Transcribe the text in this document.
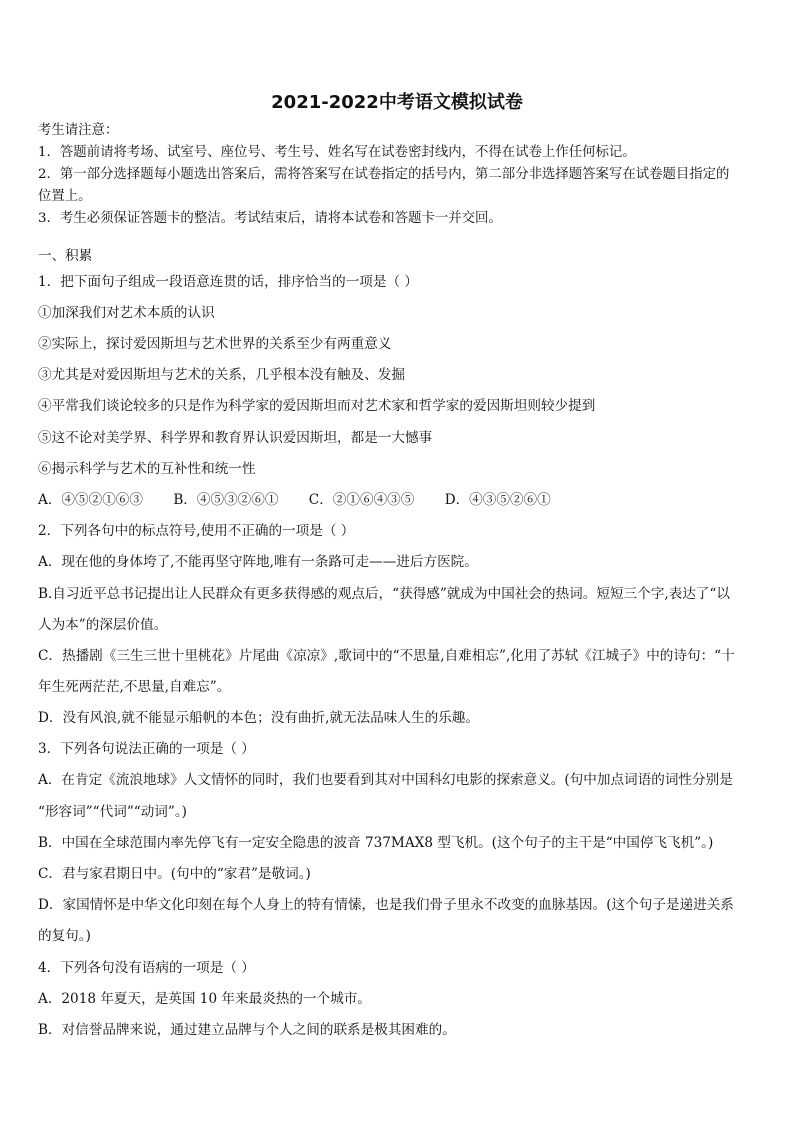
2021-2022中考语文模拟试卷
考生请注意：
1．答题前请将考场、试室号、座位号、考生号、姓名写在试卷密封线内，不得在试卷上作任何标记。
2．第一部分选择题每小题选出答案后，需将答案写在试卷指定的括号内，第二部分非选择题答案写在试卷题目指定的
位置上。
3．考生必须保证答题卡的整洁。考试结束后，请将本试卷和答题卡一并交回。
一、积累
1．把下面句子组成一段语意连贯的话，排序恰当的一项是（ ）
①加深我们对艺术本质的认识
②实际上，探讨爱因斯坦与艺术世界的关系至少有两重意义
③尤其是对爱因斯坦与艺术的关系，几乎根本没有触及、发掘
④平常我们谈论较多的只是作为科学家的爱因斯坦而对艺术家和哲学家的爱因斯坦则较少提到
⑤这不论对美学界、科学界和教育界认识爱因斯坦，都是一大憾事
⑥揭示科学与艺术的互补性和统一性
A．④⑤②①⑥③ B．④⑤③②⑥① C．②①⑥④③⑤ D．④③⑤②⑥①
2．下列各句中的标点符号,使用不正确的一项是（ ）
A．现在他的身体垮了,不能再坚守阵地,唯有一条路可走——进后方医院。
B.自习近平总书记提出让人民群众有更多获得感的观点后，“获得感”就成为中国社会的热词。短短三个字,表达了“以
人为本”的深层价值。
C．热播剧《三生三世十里桃花》片尾曲《凉凉》,歌词中的“不思量,自难相忘”,化用了苏轼《江城子》中的诗句：“十
年生死两茫茫,不思量,自难忘”。
D．没有风浪,就不能显示船帆的本色；没有曲折,就无法品味人生的乐趣。
3．下列各句说法正确的一项是（ ）
A．在肯定《流浪地球》人文情怀的同时，我们也要看到其对中国科幻电影的探索意义。(句中加点词语的词性分别是
“形容词”“代词”“动词”。)
B．中国在全球范围内率先停飞有一定安全隐患的波音 737MAX8 型飞机。(这个句子的主干是“中国停飞飞机”。)
C．君与家君期日中。(句中的“家君”是敬词。)
D．家国情怀是中华文化印刻在每个人身上的特有情愫，也是我们骨子里永不改变的血脉基因。(这个句子是递进关系
的复句。)
4．下列各句没有语病的一项是（ ）
A．2018 年夏天，是英国 10 年来最炎热的一个城市。
B．对信誉品牌来说，通过建立品牌与个人之间的联系是极其困难的。
